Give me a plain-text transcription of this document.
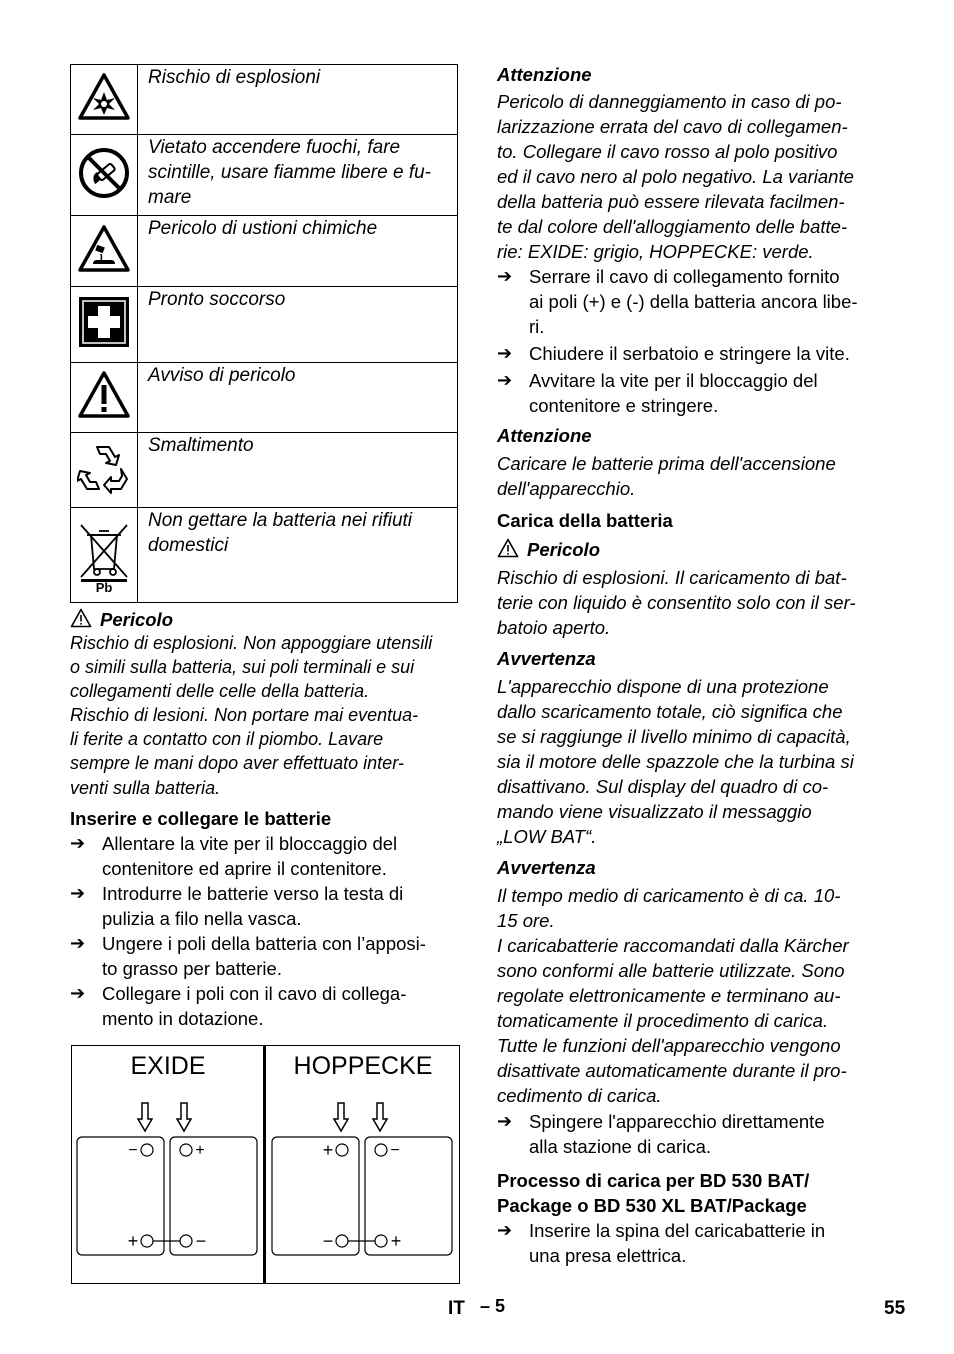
	Rischio di esplosioni
	Vietato accendere fuochi, fare scintille, usare fiamme libere e fu-mare
	Pericolo di ustioni chimiche
	Pronto soccorso
	Avviso di pericolo
	Smaltimento

Pb	Non gettare la batteria nei rifiuti domestici

Pericolo

Rischio di esplosioni. Non appoggiare utensili
o simili sulla batteria, sui poli terminali e sui
collegamenti delle celle della batteria.
Rischio di lesioni. Non portare mai eventua-
li ferite a contatto con il piombo. Lavare
sempre le mani dopo aver effettuato inter-
venti sulla batteria.

Inserire e collegare le batterie

➔ Allentare la vite per il bloccaggio del
contenitore ed aprire il contenitore.
➔ Introdurre le batterie verso la testa di
pulizia a filo nella vasca.
➔ Ungere i poli della batteria con l’apposi-
to grasso per batterie.
➔ Collegare i poli con il cavo di collega-
mento in dotazione.
EXIDE	HOPPECKE
−	+
+	−
+	−
−	+

Attenzione

Pericolo di danneggiamento in caso di po-
larizzazione errata del cavo di collegamen-
to. Collegare il cavo rosso al polo positivo
ed il cavo nero al polo negativo. La variante
della batteria può essere rilevata facilmen-
te dal colore dell'alloggiamento delle batte-
rie: EXIDE: grigio, HOPPECKE: verde.
➔ Serrare il cavo di collegamento fornito
ai poli (+) e (-) della batteria ancora libe-
ri.
➔ Chiudere il serbatoio e stringere la vite.
➔ Avvitare la vite per il bloccaggio del
contenitore e stringere.

Attenzione

Caricare le batterie prima dell'accensione
dell'apparecchio.

Carica della batteria

Pericolo

Rischio di esplosioni. Il caricamento di bat-
terie con liquido è consentito solo con il ser-
batoio aperto.

Avvertenza

L'apparecchio dispone di una protezione
dallo scaricamento totale, ciò significa che
se si raggiunge il livello minimo di capacità,
sia il motore delle spazzole che la turbina si
disattivano. Sul display del quadro di co-
mando viene visualizzato il messaggio
„LOW BAT“.

Avvertenza

Il tempo medio di caricamento è di ca. 10-
15 ore.
I caricabatterie raccomandati dalla Kärcher
sono conformi alle batterie utilizzate. Sono
regolate elettronicamente e terminano au-
tomaticamente il procedimento di carica.
Tutte le funzioni dell'apparecchio vengono
disattivate automaticamente durante il pro-
cedimento di carica.
➔ Spingere l'apparecchio direttamente
alla stazione di carica.
Processo di carica per BD 530 BAT/
Package o BD 530 XL BAT/Package
➔ Inserire la spina del caricabatterie in
una presa elettrica.
IT – 5	55
